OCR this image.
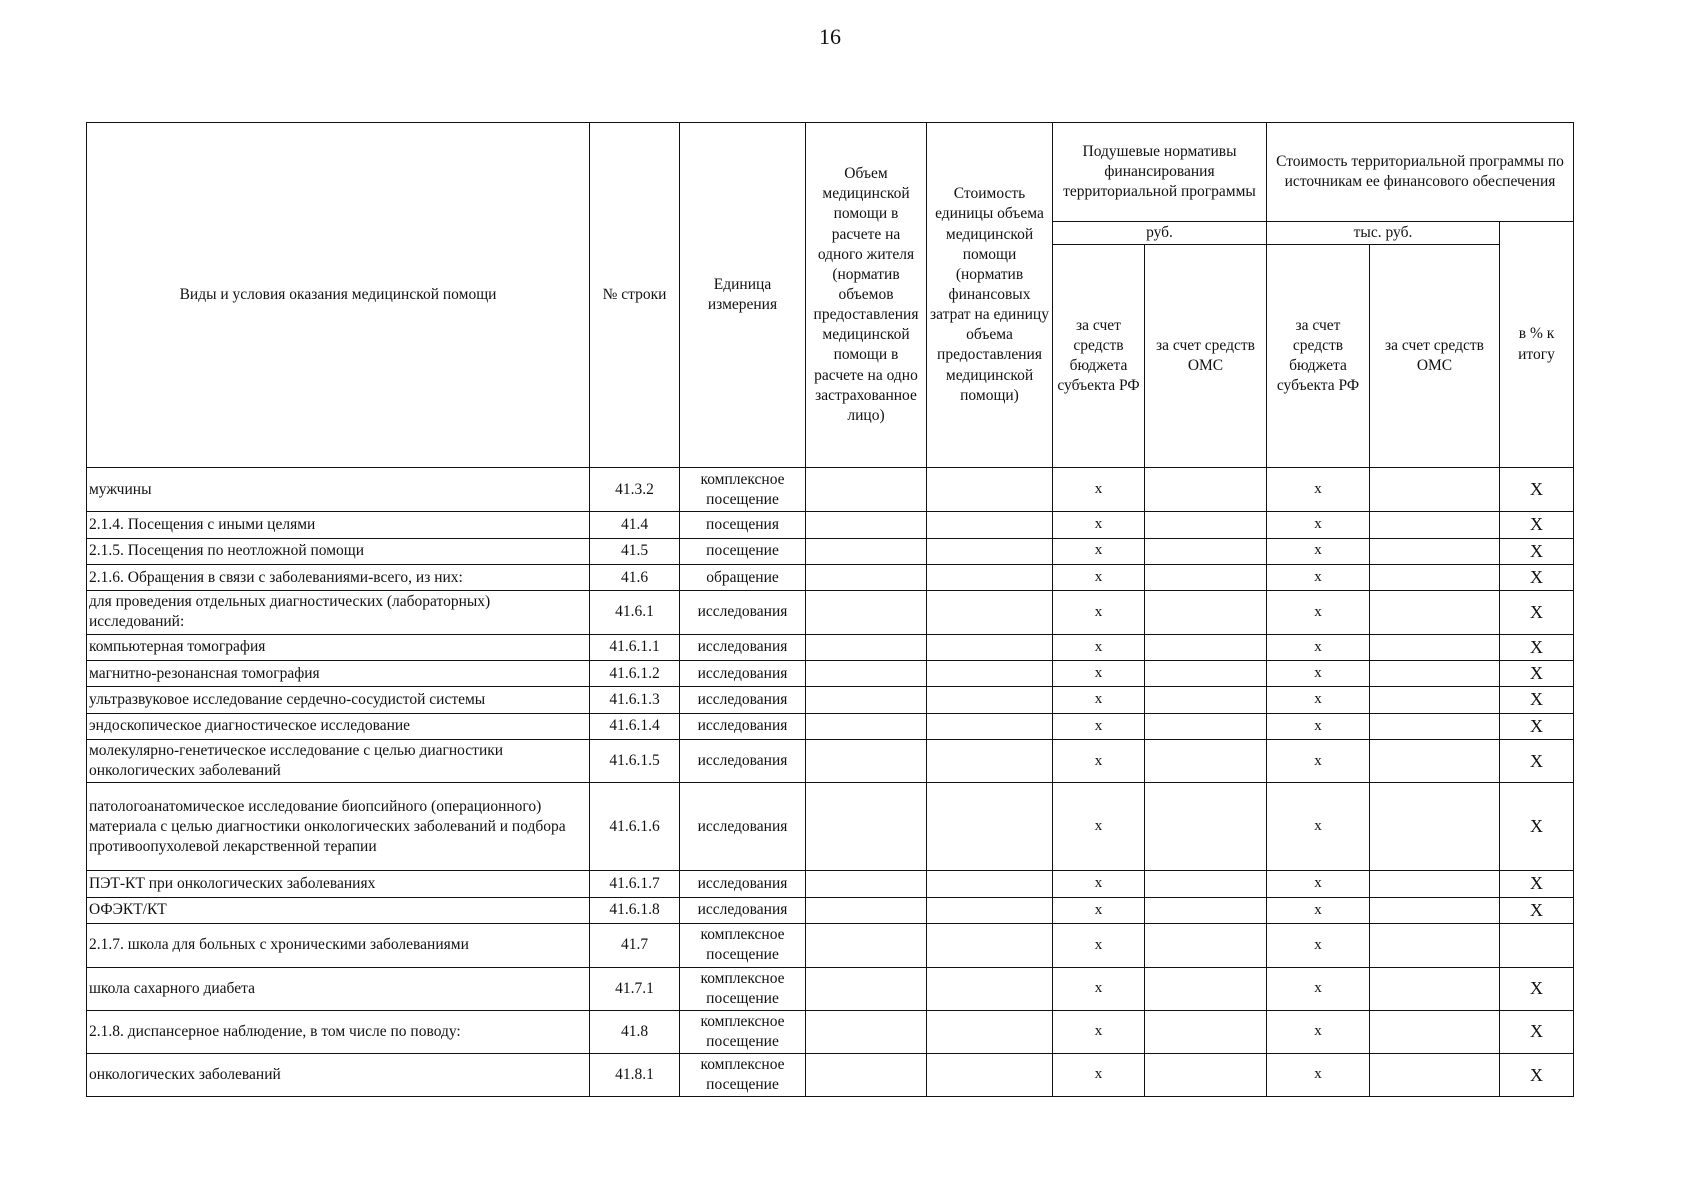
16
Виды и условия оказания медицинской помощи	№ строки	Единица измерения	Объем медицинской помощи в расчете на одного жителя (норматив объемов предоставления медицинской помощи в расчете на одно застрахованное лицо)	Стоимость единицы объема медицинской помощи (норматив финансовых затрат на единицу объема предоставления медицинской помощи)	Подушевые нормативы финансирования территориальной программы		Стоимость территориальной программы по источникам ее финансового обеспечения		
					руб.		тыс. руб.		в % к итогу
					за счет средств бюджета субъекта РФ	за счет средств ОМС	за счет средств бюджета субъекта РФ	за счет средств ОМС	
мужчины	41.3.2	комплексное посещение			х		х		Х
2.1.4. Посещения с иными целями	41.4	посещения			х		х		Х
2.1.5. Посещения по неотложной помощи	41.5	посещение			х		х		Х
2.1.6. Обращения в связи с заболеваниями-всего, из них:	41.6	обращение			х		х		Х
для проведения отдельных диагностических (лабораторных) исследований:	41.6.1	исследования			х		х		Х
компьютерная томография	41.6.1.1	исследования			х		х		Х
магнитно-резонансная томография	41.6.1.2	исследования			х		х		Х
ультразвуковое исследование сердечно-сосудистой системы	41.6.1.3	исследования			х		х		Х
эндоскопическое диагностическое исследование	41.6.1.4	исследования			х		х		Х
молекулярно-генетическое исследование с целью диагностики онкологических заболеваний	41.6.1.5	исследования			х		х		Х
патологоанатомическое исследование биопсийного (операционного) материала с целью диагностики онкологических заболеваний и подбора противоопухолевой лекарственной терапии	41.6.1.6	исследования			х		х		Х
ПЭТ-КТ при онкологических заболеваниях	41.6.1.7	исследования			х		х		Х
ОФЭКТ/КТ	41.6.1.8	исследования			х		х		Х
2.1.7. школа для больных с хроническими заболеваниями	41.7	комплексное посещение			х		х		
школа сахарного диабета	41.7.1	комплексное посещение			х		х		Х
2.1.8. диспансерное наблюдение, в том числе по поводу:	41.8	комплексное посещение			х		х		Х
онкологических заболеваний	41.8.1	комплексное посещение			х		х		Х
